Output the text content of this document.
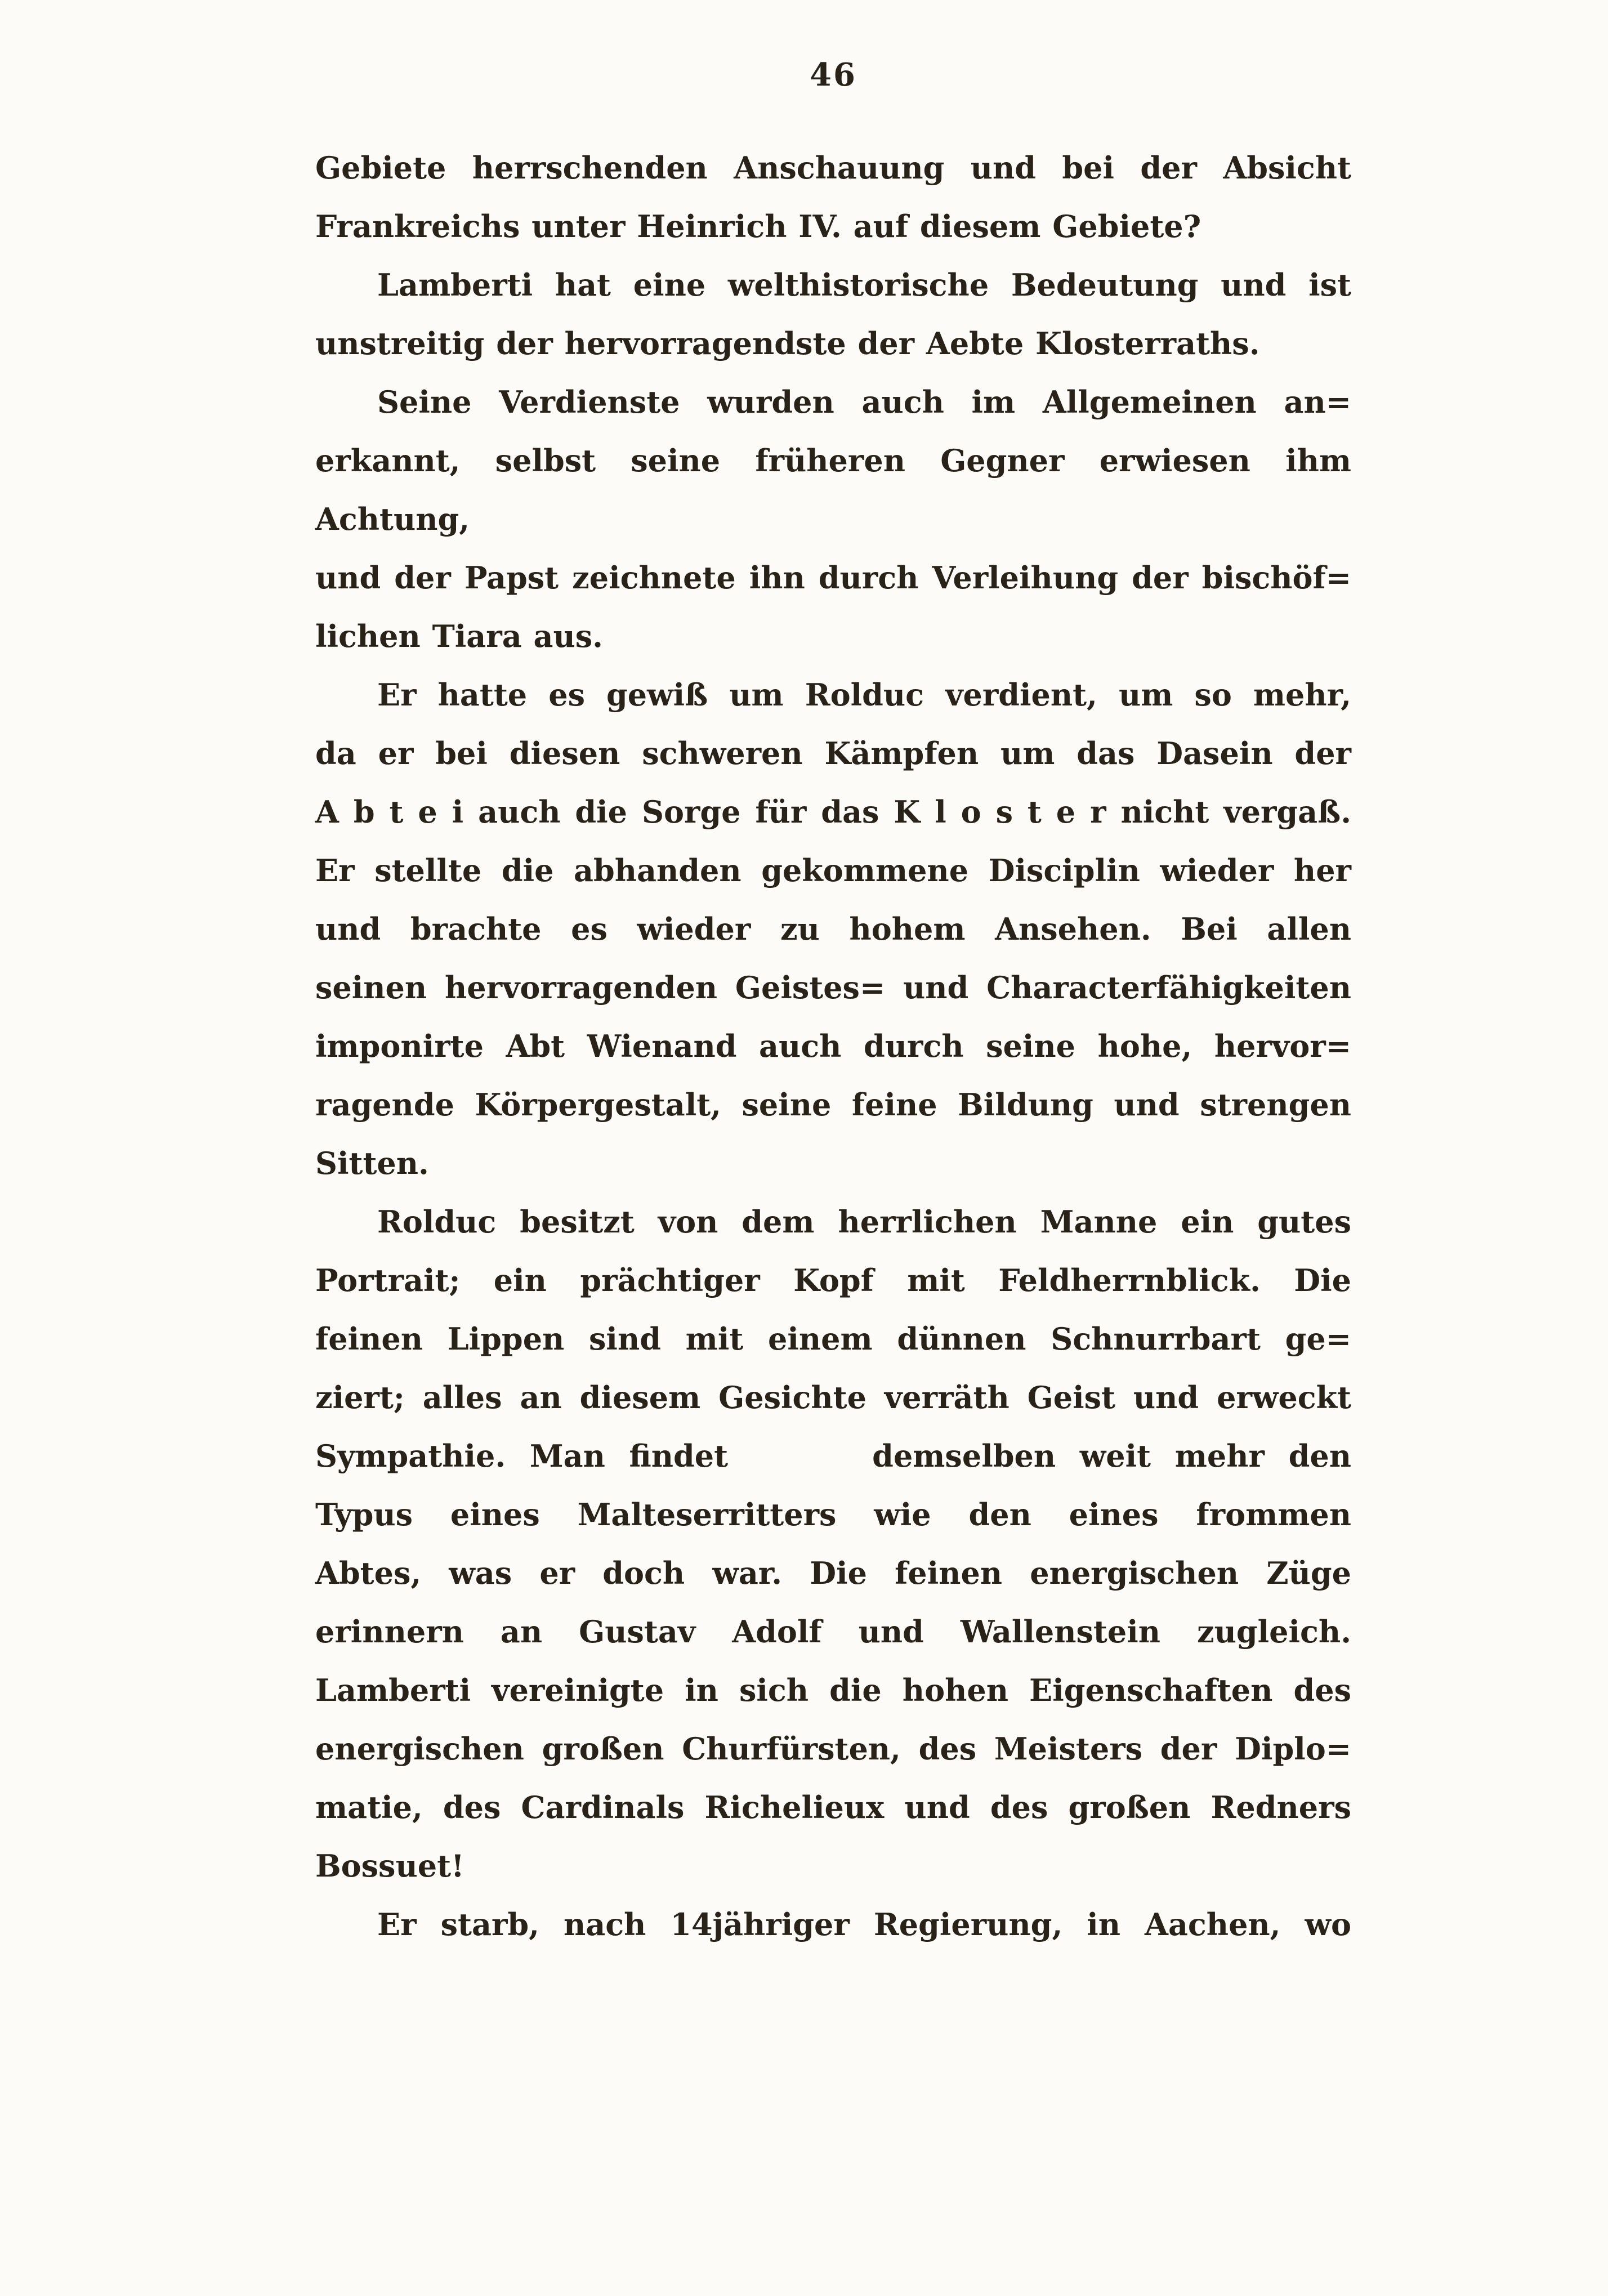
46
Gebiete herrschenden Anschauung und bei der Absicht
Frankreichs unter Heinrich IV. auf diesem Gebiete?
Lamberti hat eine welthistorische Bedeutung und ist
unstreitig der hervorragendste der Aebte Klosterraths.
Seine Verdienste wurden auch im Allgemeinen an=
erkannt, selbst seine früheren Gegner erwiesen ihm Achtung,
und der Papst zeichnete ihn durch Verleihung der bischöf=
lichen Tiara aus.
Er hatte es gewiß um Rolduc verdient, um so mehr,
da er bei diesen schweren Kämpfen um das Dasein der
A b t e i auch die Sorge für das K l o s t e r nicht vergaß.
Er stellte die abhanden gekommene Disciplin wieder her
und brachte es wieder zu hohem Ansehen. Bei allen
seinen hervorragenden Geistes= und Characterfähigkeiten
imponirte Abt Wienand auch durch seine hohe, hervor=
ragende Körpergestalt, seine feine Bildung und strengen
Sitten.
Rolduc besitzt von dem herrlichen Manne ein gutes
Portrait; ein prächtiger Kopf mit Feldherrnblick. Die
feinen Lippen sind mit einem dünnen Schnurrbart ge=
ziert; alles an diesem Gesichte verräth Geist und erweckt
Sympathie. Man findet      demselben weit mehr den
Typus eines Malteserritters wie den eines frommen
Abtes, was er doch war. Die feinen energischen Züge
erinnern an Gustav Adolf und Wallenstein zugleich.
Lamberti vereinigte in sich die hohen Eigenschaften des
energischen großen Churfürsten, des Meisters der Diplo=
matie, des Cardinals Richelieux und des großen Redners
Bossuet!
Er starb, nach 14jähriger Regierung, in Aachen, wo
